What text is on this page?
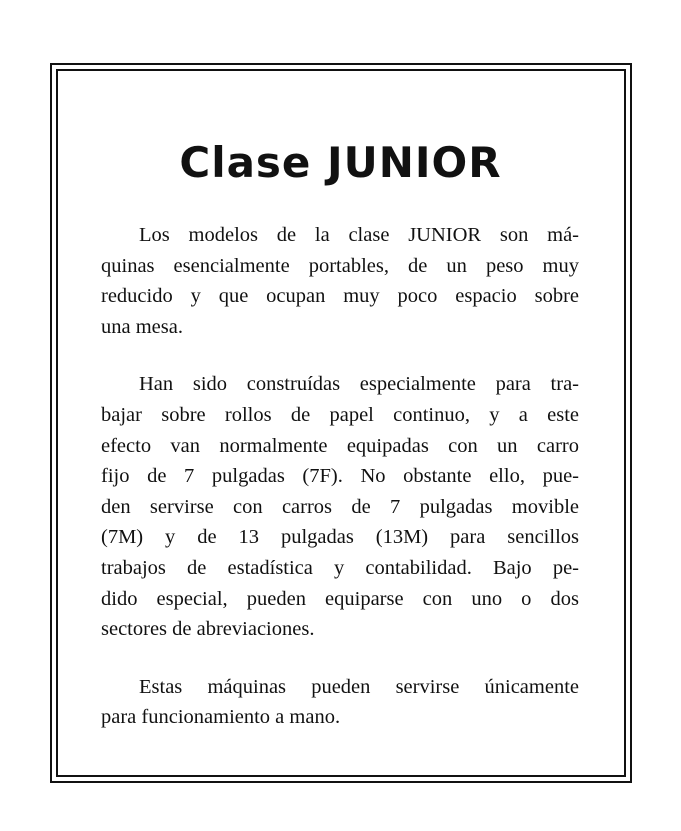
Clase JUNIOR

Los modelos de la clase JUNIOR son má-
quinas esencialmente portables, de un peso muy
reducido y que ocupan muy poco espacio sobre
una mesa.

Han sido construídas especialmente para tra-
bajar sobre rollos de papel continuo, y a este
efecto van normalmente equipadas con un carro
fijo de 7 pulgadas (7F). No obstante ello, pue-
den servirse con carros de 7 pulgadas movible
(7M) y de 13 pulgadas (13M) para sencillos
trabajos de estadística y contabilidad. Bajo pe-
dido especial, pueden equiparse con uno o dos
sectores de abreviaciones.

Estas máquinas pueden servirse únicamente
para funcionamiento a mano.
